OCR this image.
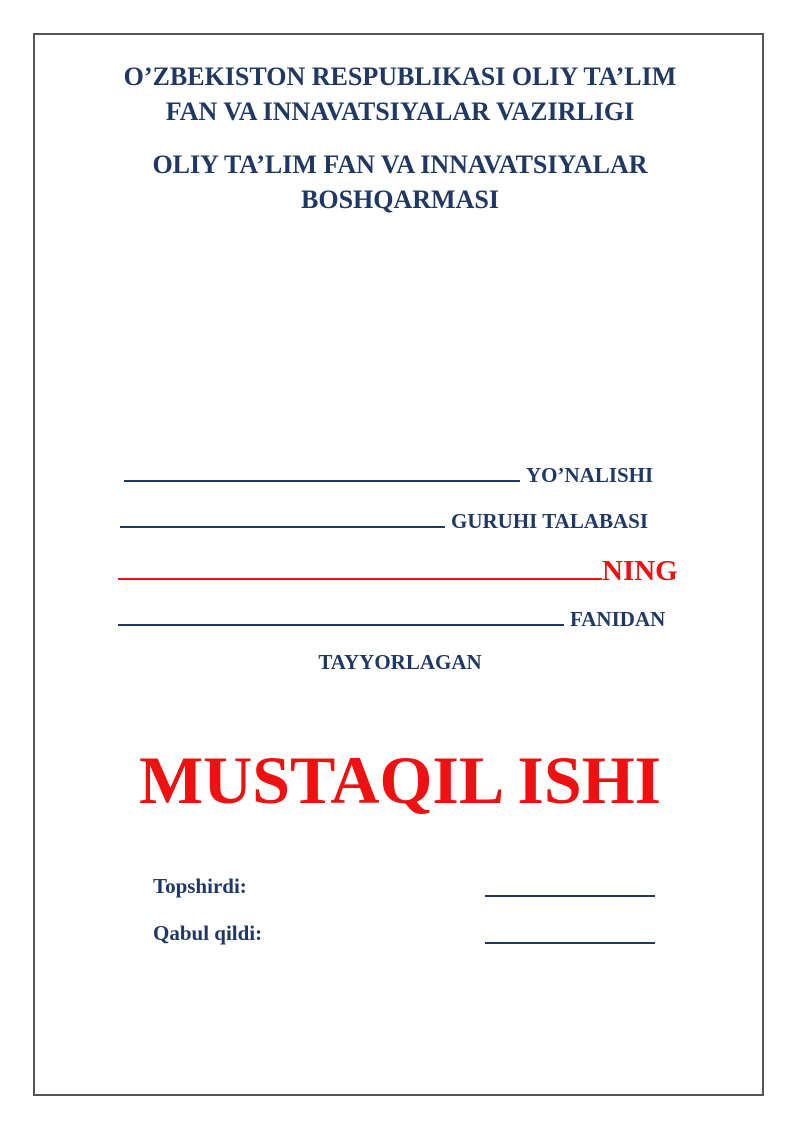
O’ZBEKISTON RESPUBLIKASI OLIY TA’LIM
FAN VA INNAVATSIYALAR VAZIRLIGI
OLIY TA’LIM FAN VA INNAVATSIYALAR
BOSHQARMASI
YO’NALISHI
GURUHI TALABASI
NING
FANIDAN
TAYYORLAGAN
MUSTAQIL ISHI
Topshirdi:
Qabul qildi:
